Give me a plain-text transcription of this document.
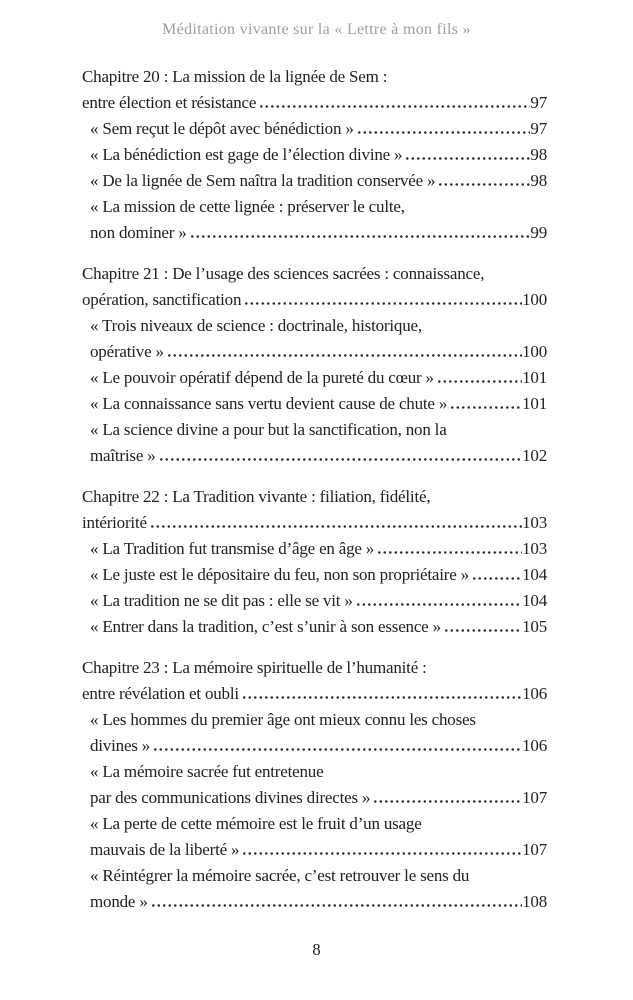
Méditation vivante sur la « Lettre à mon fils »
Chapitre 20 : La mission de la lignée de Sem :
entre élection et résistance	97
« Sem reçut le dépôt avec bénédiction »	97
« La bénédiction est gage de l’élection divine »	98
« De la lignée de Sem naîtra la tradition conservée »	98
« La mission de cette lignée : préserver le culte,
non dominer »	99
Chapitre 21 : De l’usage des sciences sacrées : connaissance,
opération, sanctification	100
« Trois niveaux de science : doctrinale, historique,
opérative »	100
« Le pouvoir opératif dépend de la pureté du cœur »	101
« La connaissance sans vertu devient cause de chute »	101
« La science divine a pour but la sanctification, non la
maîtrise »	102
Chapitre 22 : La Tradition vivante : filiation, fidélité,
intériorité	103
« La Tradition fut transmise d’âge en âge »	103
« Le juste est le dépositaire du feu, non son propriétaire »	104
« La tradition ne se dit pas : elle se vit »	104
« Entrer dans la tradition, c’est s’unir à son essence »	105
Chapitre 23 : La mémoire spirituelle de l’humanité :
entre révélation et oubli	106
« Les hommes du premier âge ont mieux connu les choses
divines »	106
« La mémoire sacrée fut entretenue
par des communications divines directes »	107
« La perte de cette mémoire est le fruit d’un usage
mauvais de la liberté »	107
« Réintégrer la mémoire sacrée, c’est retrouver le sens du
monde »	108
8
